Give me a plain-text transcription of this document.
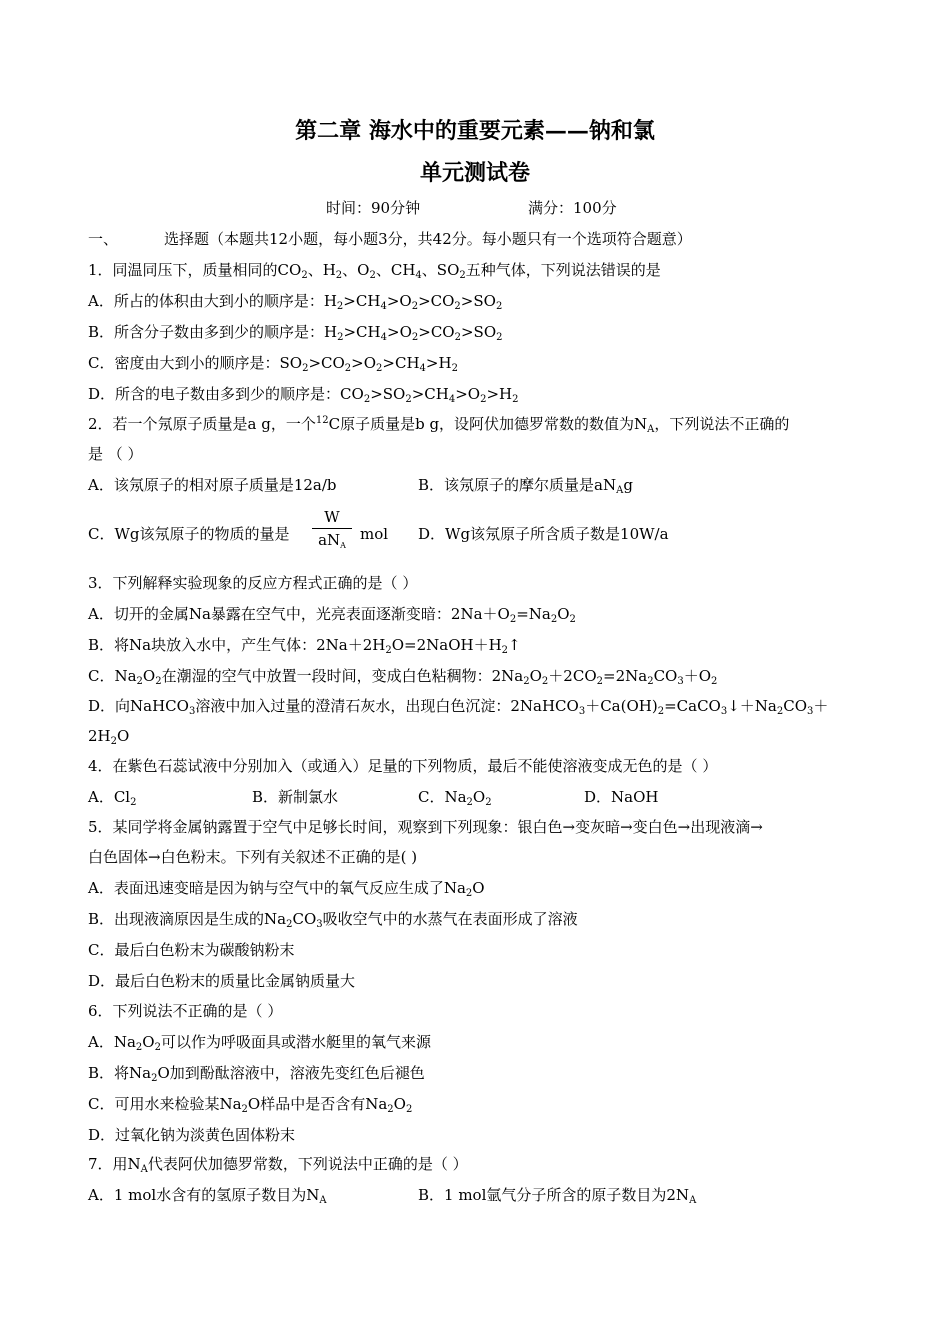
第二章 海水中的重要元素——钠和氯
单元测试卷
时间：90分钟	满分：100分
一、	选择题（本题共12小题，每小题3分，共42分。每小题只有一个选项符合题意）
1．同温同压下，质量相同的$CO_2$、$H_2$、$O_2$、$CH_4$、$SO_2$五种气体，下列说法错误的是
A．所占的体积由大到小的顺序是：$H_2>CH_4>O_2>CO_2>SO_2$
B．所含分子数由多到少的顺序是：$H_2>CH_4>O_2>CO_2>SO_2$
C．密度由大到小的顺序是：$SO_2>CO_2>O_2>CH_4>H_2$
D．所含的电子数由多到少的顺序是：$CO_2>SO_2>CH_4>O_2>H_2$
2．若一个氖原子质量是a g，一个$^{12}$C原子质量是b g，设阿伏加德罗常数的数值为$N_A$，下列说法不正确的
是 （ ）
A．该氖原子的相对原子质量是12a/b	B．该氖原子的摩尔质量是$aN_Ag$
C．Wg该氖原子的物质的量是
W
$aN_A$
mol D．Wg该氖原子所含质子数是10W/a
3．下列解释实验现象的反应方程式正确的是（ ）
A．切开的金属Na暴露在空气中，光亮表面逐渐变暗：$2Na+O_2=Na_2O_2$
B．将Na块放入水中，产生气体：$2Na+2H_2O=2NaOH+H_2↑$
C．$Na_2O_2$在潮湿的空气中放置一段时间，变成白色粘稠物：$2Na_2O_2+2CO_2=2Na_2CO_3+O_2$
D．向NaHCO$_3$溶液中加入过量的澄清石灰水，出现白色沉淀：$2NaHCO_3+Ca(OH)_2=CaCO_3↓+Na_2CO_3+$
$2H_2O$
4．在紫色石蕊试液中分别加入（或通入）足量的下列物质，最后不能使溶液变成无色的是（ ）
A．$Cl_2$	B．新制氯水	C．$Na_2O_2$	D．NaOH
5．某同学将金属钠露置于空气中足够长时间，观察到下列现象：银白色→变灰暗→变白色→出现液滴→
白色固体→白色粉末。下列有关叙述不正确的是( )
A．表面迅速变暗是因为钠与空气中的氧气反应生成了$Na_2O$
B．出现液滴原因是生成的$Na_2CO_3$吸收空气中的水蒸气在表面形成了溶液
C．最后白色粉末为碳酸钠粉末
D．最后白色粉末的质量比金属钠质量大
6．下列说法不正确的是（ ）
A．$Na_2O_2$可以作为呼吸面具或潜水艇里的氧气来源
B．将$Na_2O$加到酚酞溶液中，溶液先变红色后褪色
C．可用水来检验某$Na_2O$样品中是否含有$Na_2O_2$
D．过氧化钠为淡黄色固体粉末
7．用$N_A$代表阿伏加德罗常数，下列说法中正确的是（ ）
A．1 mol水含有的氢原子数目为$N_A$	B．1 mol氩气分子所含的原子数目为$2N_A$
